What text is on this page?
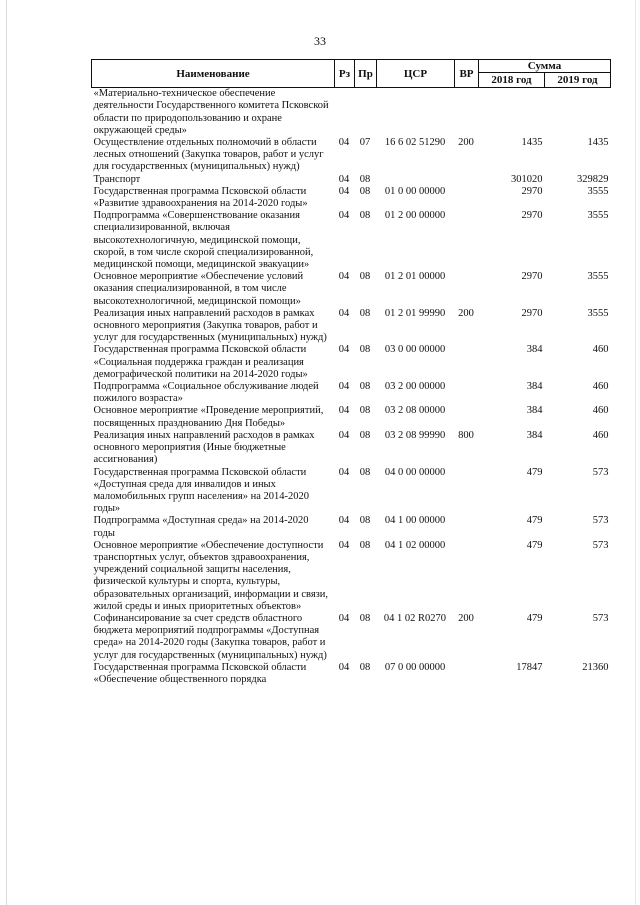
33
Наименование	Рз	Пр	ЦСР	ВР	Сумма	
					2018 год	2019 год
«Материально-техническое обеспечение деятельности Государственного комитета Псковской области по природопользованию и охране окружающей среды»						
Осуществление отдельных полномочий в области лесных отношений (Закупка товаров, работ и услуг для государственных (муниципальных) нужд)	04	07	16 6 02 51290	200	1435	1435
Транспорт	04	08			301020	329829
Государственная программа Псковской области «Развитие здравоохранения на 2014-2020 годы»	04	08	01 0 00 00000		2970	3555
Подпрограмма «Совершенствование оказания специализированной, включая высокотехнологичную, медицинской помощи, скорой, в том числе скорой специализированной, медицинской помощи, медицинской эвакуации»	04	08	01 2 00 00000		2970	3555
Основное мероприятие «Обеспечение условий оказания специализированной, в том числе высокотехнологичной, медицинской помощи»	04	08	01 2 01 00000		2970	3555
Реализация иных направлений расходов в рамках основного мероприятия (Закупка товаров, работ и услуг для государственных (муниципальных) нужд)	04	08	01 2 01 99990	200	2970	3555
Государственная программа Псковской области «Социальная поддержка граждан и реализация демографической политики на 2014-2020 годы»	04	08	03 0 00 00000		384	460
Подпрограмма «Социальное обслуживание людей пожилого возраста»	04	08	03 2 00 00000		384	460
Основное мероприятие «Проведение мероприятий, посвященных празднованию Дня Победы»	04	08	03 2 08 00000		384	460
Реализация иных направлений расходов в рамках основного мероприятия (Иные бюджетные ассигнования)	04	08	03 2 08 99990	800	384	460
Государственная программа Псковской области «Доступная среда для инвалидов и иных маломобильных групп населения» на 2014-2020 годы»	04	08	04 0 00 00000		479	573
Подпрограмма «Доступная среда» на 2014-2020 годы	04	08	04 1 00 00000		479	573
Основное мероприятие «Обеспечение доступности транспортных услуг, объектов здравоохранения, учреждений социальной защиты населения, физической культуры и спорта, культуры, образовательных организаций, информации и связи, жилой среды и иных приоритетных объектов»	04	08	04 1 02 00000		479	573
Софинансирование за счет средств областного бюджета мероприятий подпрограммы «Доступная среда» на 2014-2020 годы (Закупка товаров, работ и услуг для государственных (муниципальных) нужд)	04	08	04 1 02 R0270	200	479	573
Государственная программа Псковской области «Обеспечение общественного порядка	04	08	07 0 00 00000		17847	21360
